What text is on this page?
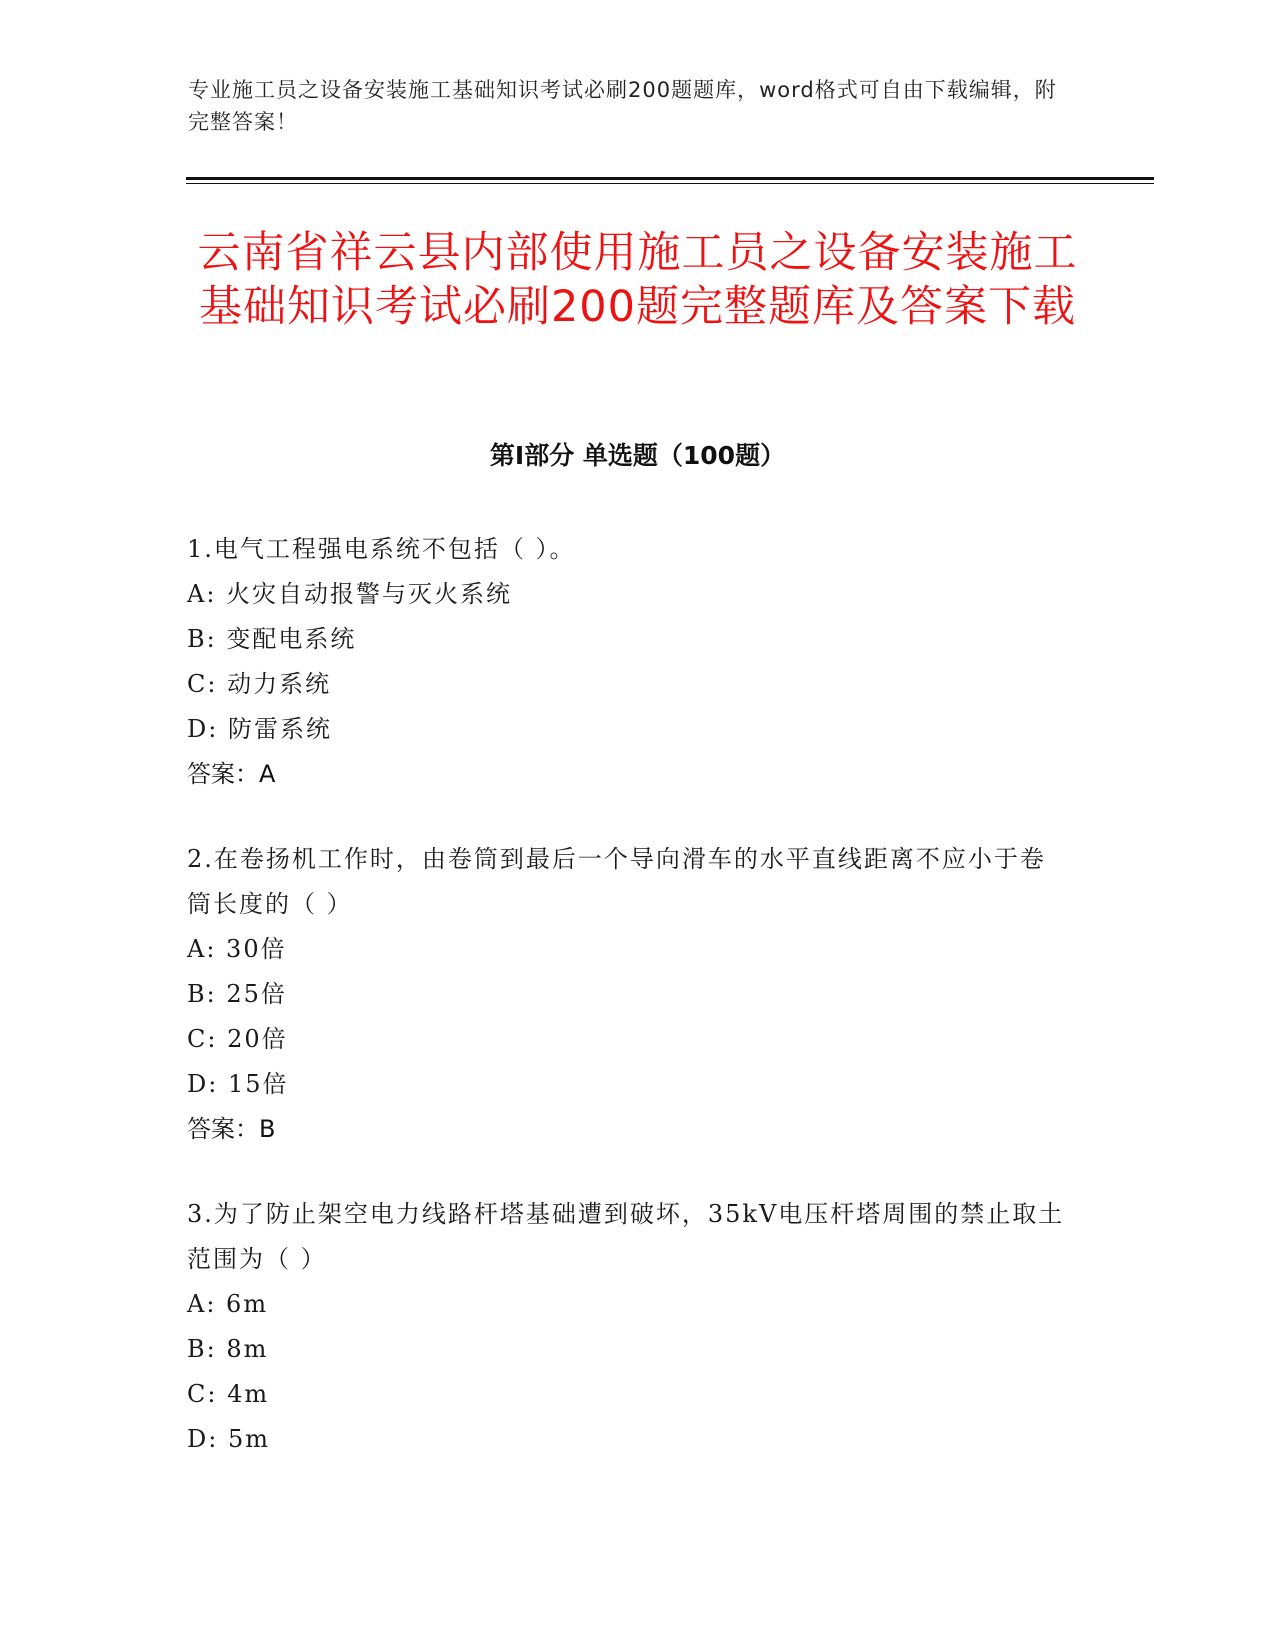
专业施工员之设备安装施工基础知识考试必刷200题题库，word格式可自由下载编辑，附完整答案！
云南省祥云县内部使用施工员之设备安装施工基础知识考试必刷200题完整题库及答案下载
第I部分 单选题（100题）
1.电气工程强电系统不包括（ ）。
A: 火灾自动报警与灭火系统
B: 变配电系统
C: 动力系统
D: 防雷系统
答案：A
2.在卷扬机工作时，由卷筒到最后一个导向滑车的水平直线距离不应小于卷筒长度的（ ）
A: 30倍
B: 25倍
C: 20倍
D: 15倍
答案：B
3.为了防止架空电力线路杆塔基础遭到破坏，35kV电压杆塔周围的禁止取土范围为（ ）
A: 6m
B: 8m
C: 4m
D: 5m
